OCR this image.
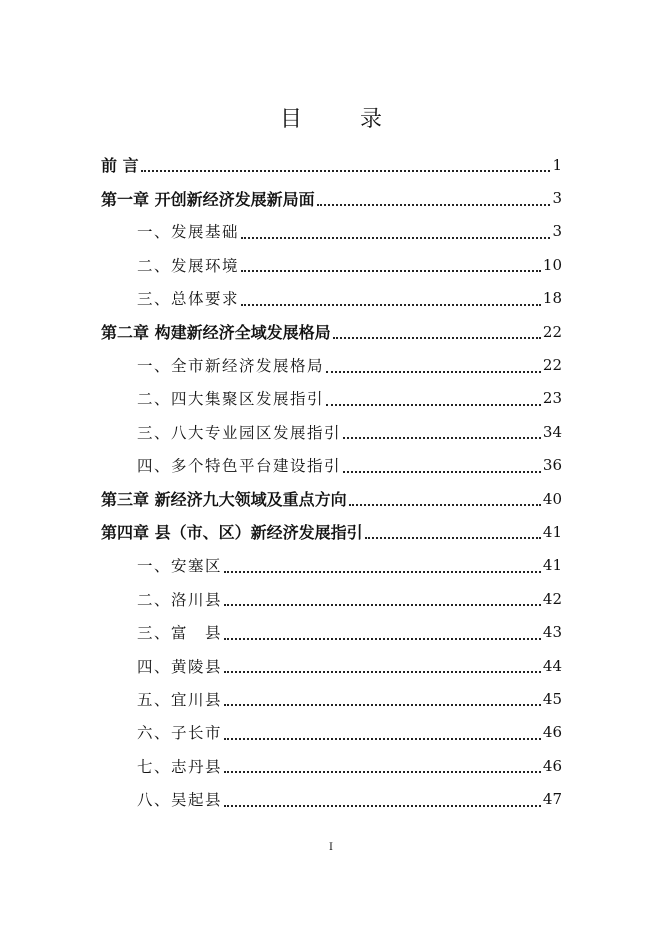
目　录
前 言	1
第一章 开创新经济发展新局面	3
一、发展基础	3
二、发展环境	10
三、总体要求	18
第二章 构建新经济全域发展格局	22
一、全市新经济发展格局	22
二、四大集聚区发展指引	23
三、八大专业园区发展指引	34
四、多个特色平台建设指引	36
第三章 新经济九大领域及重点方向	40
第四章 县（市、区）新经济发展指引	41
一、安塞区	41
二、洛川县	42
三、富　县	43
四、黄陵县	44
五、宜川县	45
六、子长市	46
七、志丹县	46
八、吴起县	47
I
